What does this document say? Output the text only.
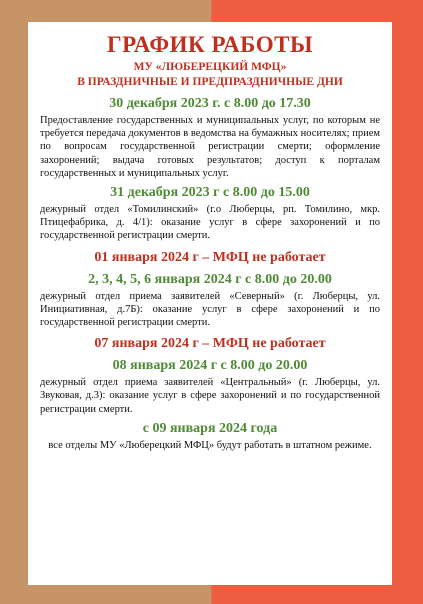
ГРАФИК РАБОТЫ
МУ «ЛЮБЕРЕЦКИЙ МФЦ»
В ПРАЗДНИЧНЫЕ И ПРЕДПРАЗДНИЧНЫЕ ДНИ
30 декабря 2023 г. с 8.00 до 17.30
Предоставление государственных и муниципальных услуг, по которым не требуется передача документов в ведомства на бумажных носителях; прием по вопросам государственной регистрации смерти; оформление захоронений; выдача готовых результатов; доступ к порталам государственных и муниципальных услуг.
31 декабря 2023 г с 8.00 до 15.00
дежурный отдел «Томилинский» (г.о Люберцы, рп. Томилино, мкр. Птицефабрика, д. 4/1): оказание услуг в сфере захоронений и по государственной регистрации смерти.
01 января 2024 г – МФЦ не работает
2, 3, 4, 5, 6 января 2024 г с 8.00 до 20.00
дежурный отдел приема заявителей «Северный» (г. Люберцы, ул. Инициативная, д.7Б): оказание услуг в сфере захоронений и по государственной регистрации смерти.
07 января 2024 г – МФЦ не работает
08 января 2024 г с 8.00 до 20.00
дежурный отдел приема заявителей «Центральный» (г. Люберцы, ул. Звуковая, д.3): оказание услуг в сфере захоронений и по государственной регистрации смерти.
с 09 января 2024 года
все отделы МУ «Люберецкий МФЦ» будут работать в штатном режиме.
